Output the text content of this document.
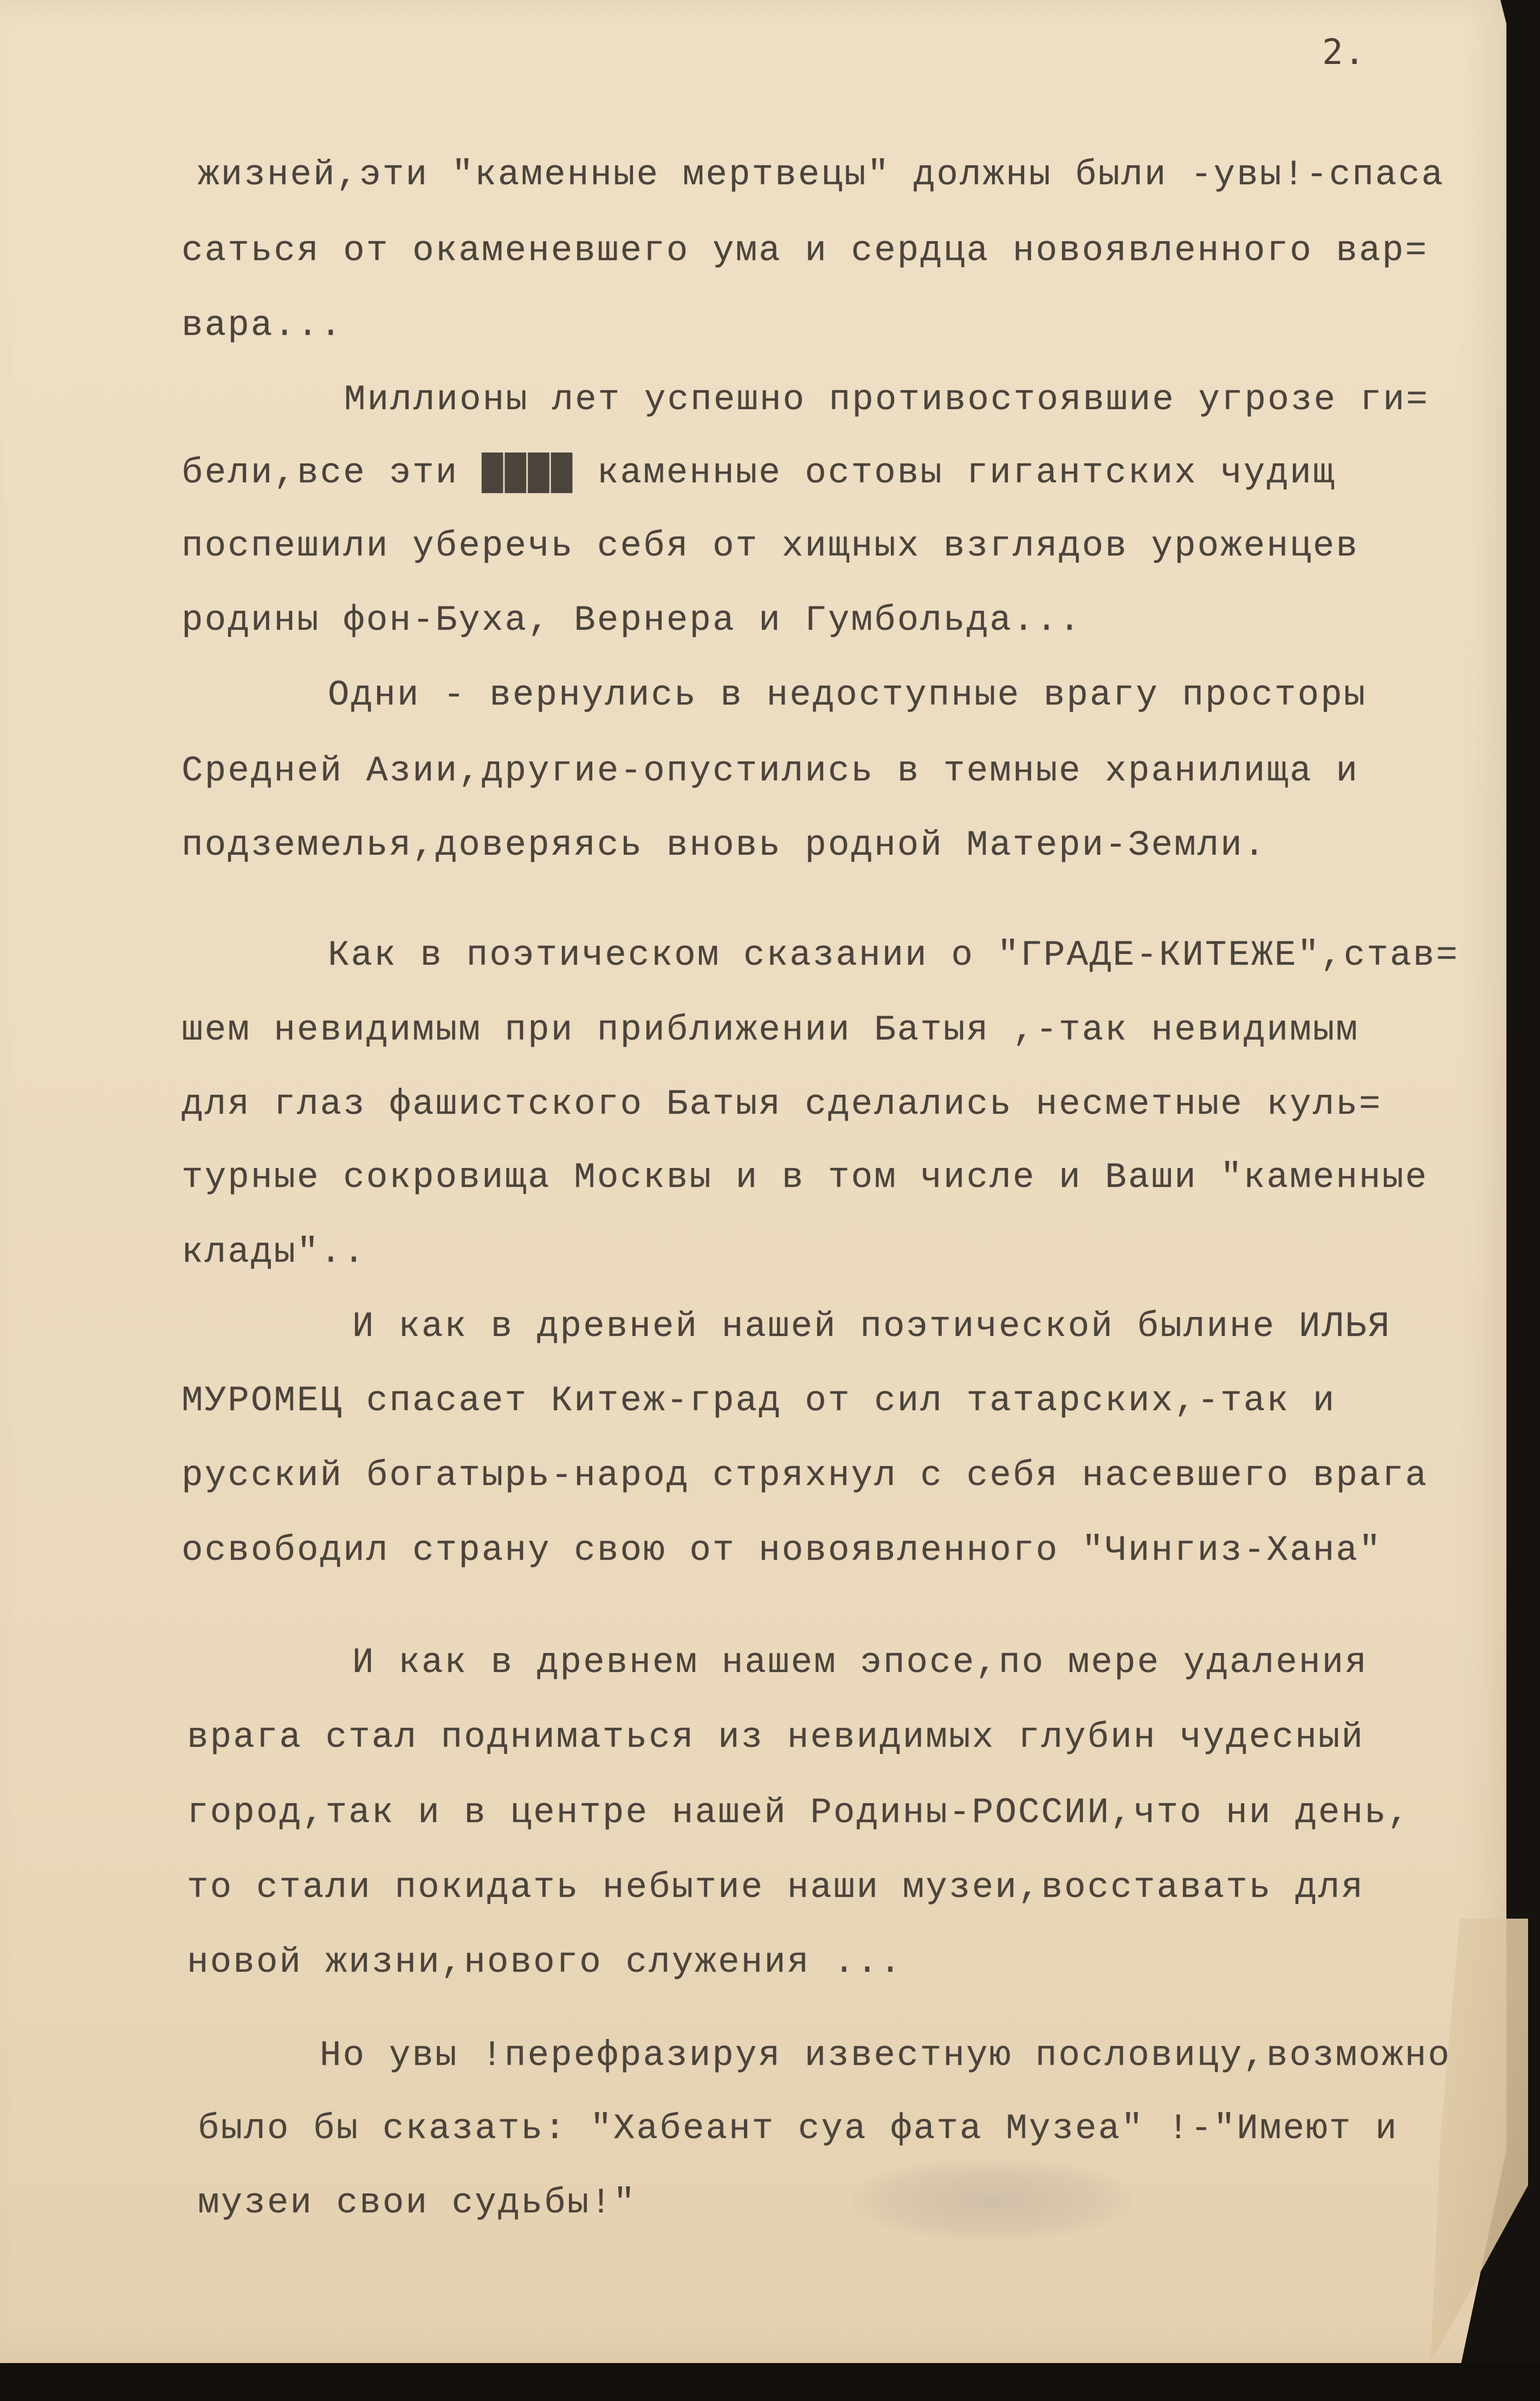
2.
жизней,эти "каменные мертвецы" должны были -увы!-спаса
саться от окаменевшего ума и сердца новоявленного вар=
вара...
Миллионы лет успешно противостоявшие угрозе ги=
бели,все эти ████ каменные остовы гигантских чудищ
поспешили уберечь себя от хищных взглядов уроженцев
родины фон-Буха, Вернера и Гумбольда...
Одни - вернулись в недоступные врагу просторы
Средней Азии,другие-опустились в темные хранилища и
подземелья,доверяясь вновь родной Матери-Земли.
Как в поэтическом сказании о "ГРАДЕ-КИТЕЖЕ",став=
шем невидимым при приближении Батыя ,-так невидимым
для глаз фашистского Батыя сделались несметные куль=
турные сокровища Москвы и в том числе и Ваши "каменные
клады"..
И как в древней нашей поэтической былине ИЛЬЯ
МУРОМЕЦ спасает Китеж-град от сил татарских,-так и
русский богатырь-народ стряхнул с себя насевшего врага
освободил страну свою от новоявленного "Чингиз-Хана"
И как в древнем нашем эпосе,по мере удаления
врага стал подниматься из невидимых глубин чудесный
город,так и в центре нашей Родины-РОССИИ,что ни день,
то стали покидать небытие наши музеи,восставать для
новой жизни,нового служения ...
Но увы !перефразируя известную пословицу,возможно
было бы сказать: "Хабеант суа фата Музеа" !-"Имеют и
музеи свои судьбы!"
